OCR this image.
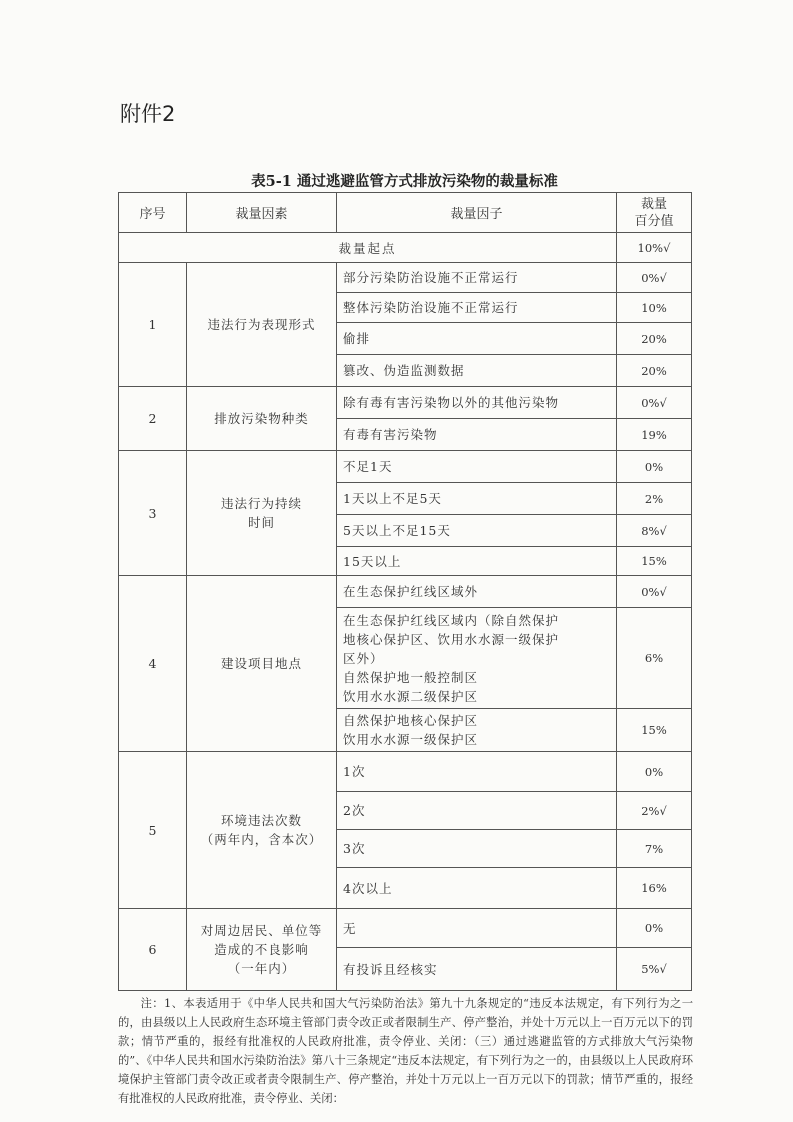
附件2
表5-1 通过逃避监管方式排放污染物的裁量标准
序号	裁量因素	裁量因子	裁量
百分值
裁量起点			10%√
1	违法行为表现形式	部分污染防治设施不正常运行	0%√
		整体污染防治设施不正常运行	10%
		偷排	20%
		篡改、伪造监测数据	20%
2	排放污染物种类	除有毒有害污染物以外的其他污染物	0%√
		有毒有害污染物	19%
3	违法行为持续
时间	不足1天	0%
		1天以上不足5天	2%
		5天以上不足15天	8%√
		15天以上	15%
4	建设项目地点	在生态保护红线区域外	0%√
		在生态保护红线区域内（除自然保护
地核心保护区、饮用水水源一级保护
区外）
自然保护地一般控制区
饮用水水源二级保护区	6%
		自然保护地核心保护区
饮用水水源一级保护区	15%
5	环境违法次数
（两年内，含本次）	1次	0%
		2次	2%√
		3次	7%
		4次以上	16%
6	对周边居民、单位等
造成的不良影响
（一年内）	无	0%
		有投诉且经核实	5%√
注：1、本表适用于《中华人民共和国大气污染防治法》第九十九条规定的“违反本法规定，有下列行为之一的，由县级以上人民政府生态环境主管部门责令改正或者限制生产、停产整治，并处十万元以上一百万元以下的罚款；情节严重的，报经有批准权的人民政府批准，责令停业、关闭：（三）通过逃避监管的方式排放大气污染物的”、《中华人民共和国水污染防治法》第八十三条规定“违反本法规定，有下列行为之一的，由县级以上人民政府环境保护主管部门责令改正或者责令限制生产、停产整治，并处十万元以上一百万元以下的罚款；情节严重的，报经有批准权的人民政府批准，责令停业、关闭：
